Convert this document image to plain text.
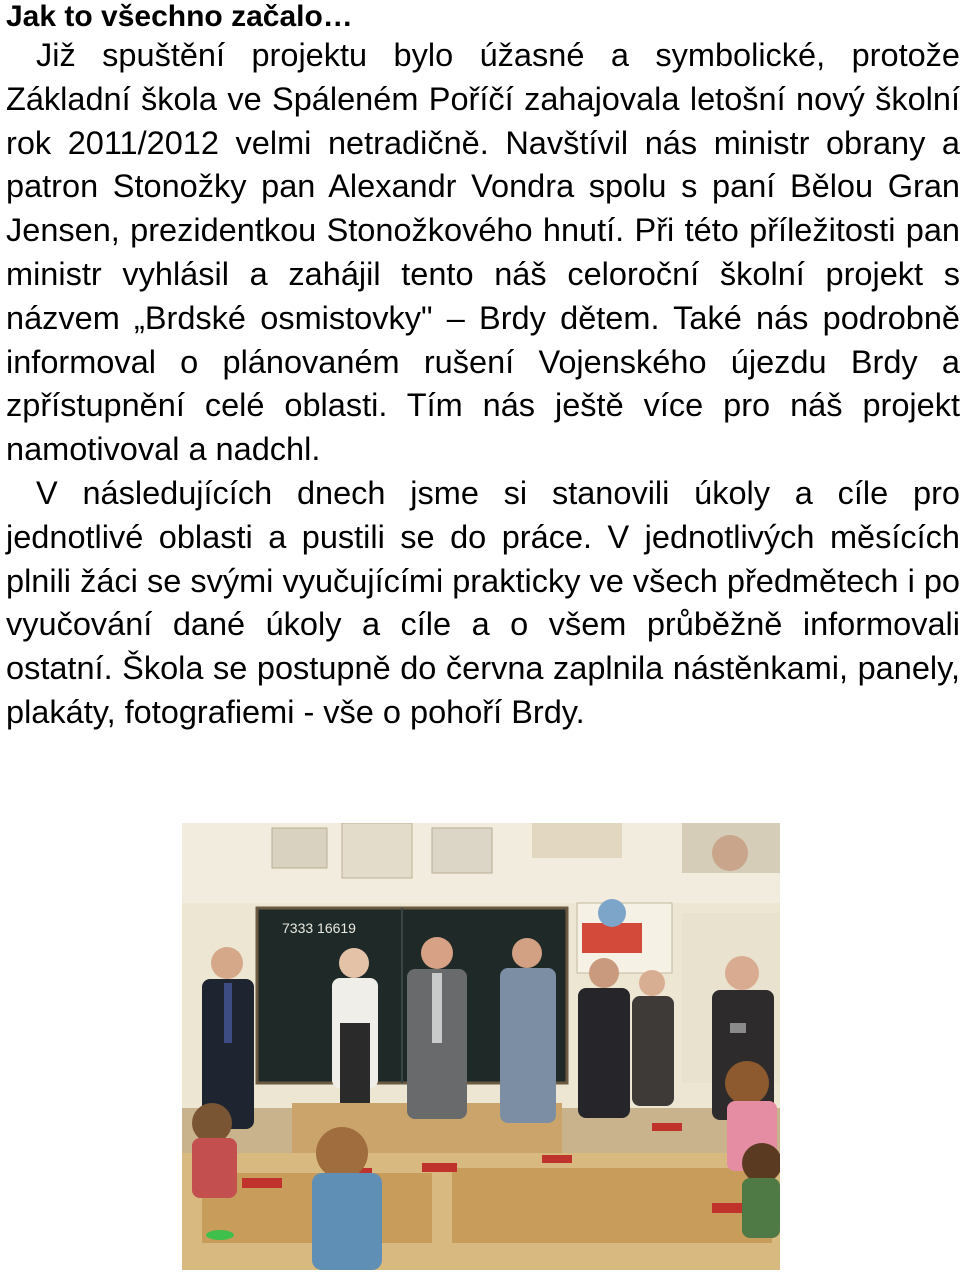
Jak to všechno začalo…

Již spuštění projektu bylo úžasné a symbolické, protože Základní škola ve Spáleném Poříčí zahajovala letošní nový školní rok 2011/2012 velmi netradičně. Navštívil nás ministr obrany a patron Stonožky pan Alexandr Vondra spolu s paní Bělou Gran Jensen, prezidentkou Stonožkového hnutí. Při této příležitosti pan ministr vyhlásil a zahájil tento náš celoroční školní projekt s názvem „Brdské osmistovky" – Brdy dětem. Také nás podrobně informoval o plánovaném rušení Vojenského újezdu Brdy a zpřístupnění celé oblasti. Tím nás ještě více pro náš projekt namotivoval a nadchl.

V následujících dnech jsme si stanovili úkoly a cíle pro jednotlivé oblasti a pustili se do práce. V jednotlivých měsících plnili žáci se svými vyučujícími prakticky ve všech předmětech i po vyučování dané úkoly a cíle a o všem průběžně informovali ostatní. Škola se postupně do června zaplnila nástěnkami, panely, plakáty, fotografiemi - vše o pohoří Brdy.

7333 16619
